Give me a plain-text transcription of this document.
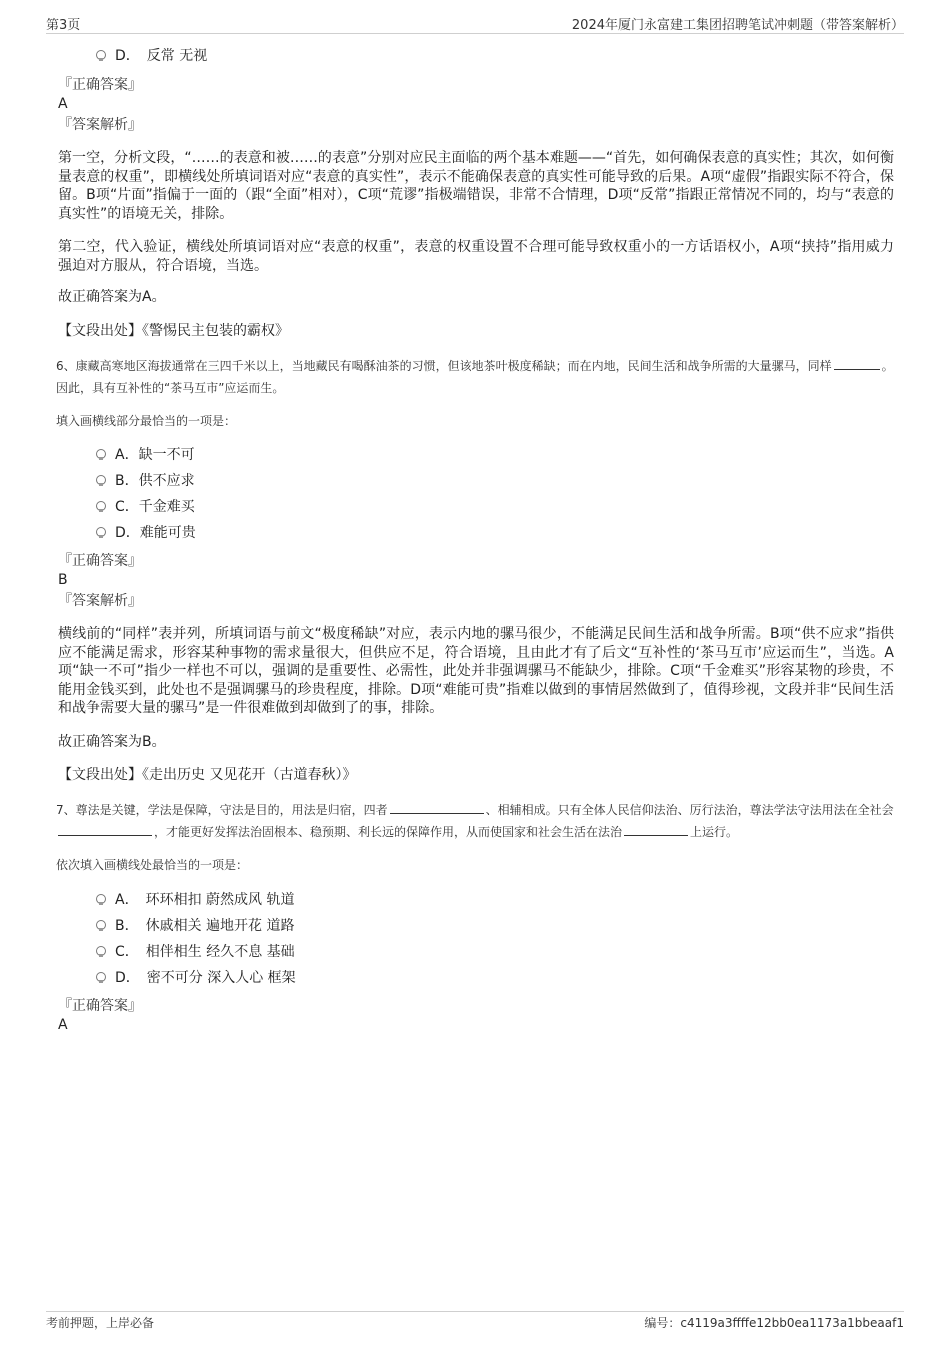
第3页	2024年厦门永富建工集团招聘笔试冲刺题（带答案解析）
D．　反常 无视
『正确答案』
A
『答案解析』
第一空，分析文段，“……的表意和被……的表意”分别对应民主面临的两个基本难题——“首先，如何确保表意的真实性；其次，如何衡量表意的权重”，即横线处所填词语对应“表意的真实性”，表示不能确保表意的真实性可能导致的后果。A项“虚假”指跟实际不符合，保留。B项“片面”指偏于一面的（跟“全面”相对），C项“荒谬”指极端错误，非常不合情理，D项“反常”指跟正常情况不同的，均与“表意的真实性”的语境无关，排除。
第二空，代入验证，横线处所填词语对应“表意的权重”，表意的权重设置不合理可能导致权重小的一方话语权小，A项“挟持”指用威力强迫对方服从，符合语境，当选。
故正确答案为A。
【文段出处】《警惕民主包装的霸权》
6、康藏高寒地区海拔通常在三四千米以上，当地藏民有喝酥油茶的习惯，但该地茶叶极度稀缺；而在内地，民间生活和战争所需的大量骡马，同样	。因此，具有互补性的“茶马互市”应运而生。
填入画横线部分最恰当的一项是：
A．缺一不可
B．供不应求
C．千金难买
D．难能可贵
『正确答案』
B
『答案解析』
横线前的“同样”表并列，所填词语与前文“极度稀缺”对应，表示内地的骡马很少，不能满足民间生活和战争所需。B项“供不应求”指供应不能满足需求，形容某种事物的需求量很大，但供应不足，符合语境，且由此才有了后文“互补性的‘茶马互市’应运而生”，当选。A项“缺一不可”指少一样也不可以，强调的是重要性、必需性，此处并非强调骡马不能缺少，排除。C项“千金难买”形容某物的珍贵，不能用金钱买到，此处也不是强调骡马的珍贵程度，排除。D项“难能可贵”指难以做到的事情居然做到了，值得珍视，文段并非“民间生活和战争需要大量的骡马”是一件很难做到却做到了的事，排除。
故正确答案为B。
【文段出处】《走出历史 又见花开（古道春秋）》
7、尊法是关键，学法是保障，守法是目的，用法是归宿，四者	、相辅相成。只有全体人民信仰法治、厉行法治，尊法学法守法用法在全社会，才能更好发挥法治固根本、稳预期、利长远的保障作用，从而使国家和社会生活在法治	上运行。
依次填入画横线处最恰当的一项是：
A．　环环相扣 蔚然成风 轨道
B．　休戚相关 遍地开花 道路
C．　相伴相生 经久不息 基础
D．　密不可分 深入人心 框架
『正确答案』
A
考前押题，上岸必备	编号：c4119a3ffffe12bb0ea1173a1bbeaaf1
